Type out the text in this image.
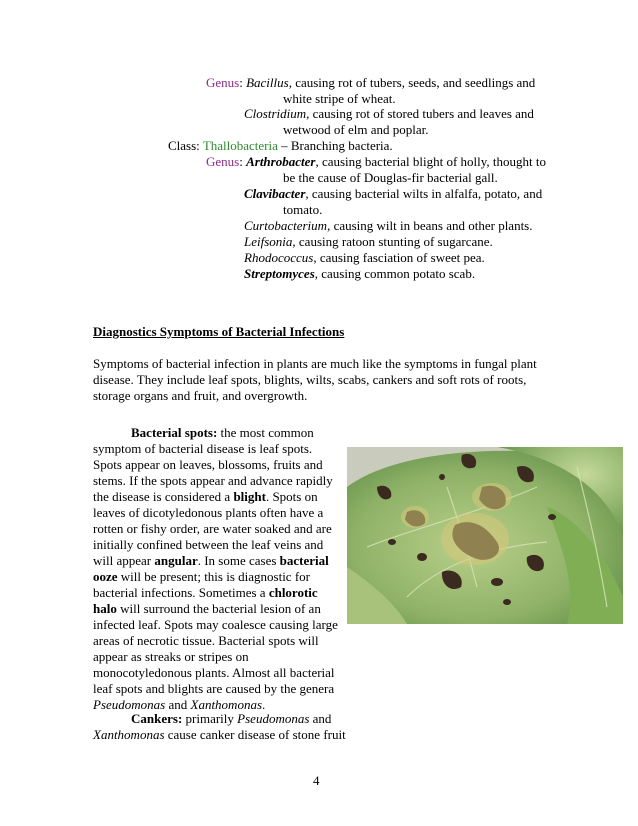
Genus: Bacillus, causing rot of tubers, seeds, and seedlings and
white stripe of wheat.
Clostridium, causing rot of stored tubers and leaves and
wetwood of elm and poplar.
Class: Thallobacteria – Branching bacteria.
Genus: Arthrobacter, causing bacterial blight of holly, thought to
be the cause of Douglas-fir bacterial gall.
Clavibacter, causing bacterial wilts in alfalfa, potato, and
tomato.
Curtobacterium, causing wilt in beans and other plants.
Leifsonia, causing ratoon stunting of sugarcane.
Rhodococcus, causing fasciation of sweet pea.
Streptomyces, causing common potato scab.
Diagnostics Symptoms of Bacterial Infections
Symptoms of bacterial infection in plants are much like the symptoms in fungal plant
disease. They include leaf spots, blights, wilts, scabs, cankers and soft rots of roots,
storage organs and fruit, and overgrowth.
Bacterial spots: the most common symptom of bacterial disease is leaf spots. Spots appear on leaves, blossoms, fruits and stems. If the spots appear and advance rapidly the disease is considered a blight. Spots on leaves of dicotyledonous plants often have a rotten or fishy order, are water soaked and are initially confined between the leaf veins and will appear angular. In some cases bacterial ooze will be present; this is diagnostic for bacterial infections. Sometimes a chlorotic halo will surround the bacterial lesion of an infected leaf. Spots may coalesce causing large areas of necrotic tissue. Bacterial spots will appear as streaks or stripes on monocotyledonous plants. Almost all bacterial leaf spots and blights are caused by the genera Pseudomonas and Xanthomonas.
Cankers: primarily Pseudomonas and
Xanthomonas cause canker disease of stone fruit
4
